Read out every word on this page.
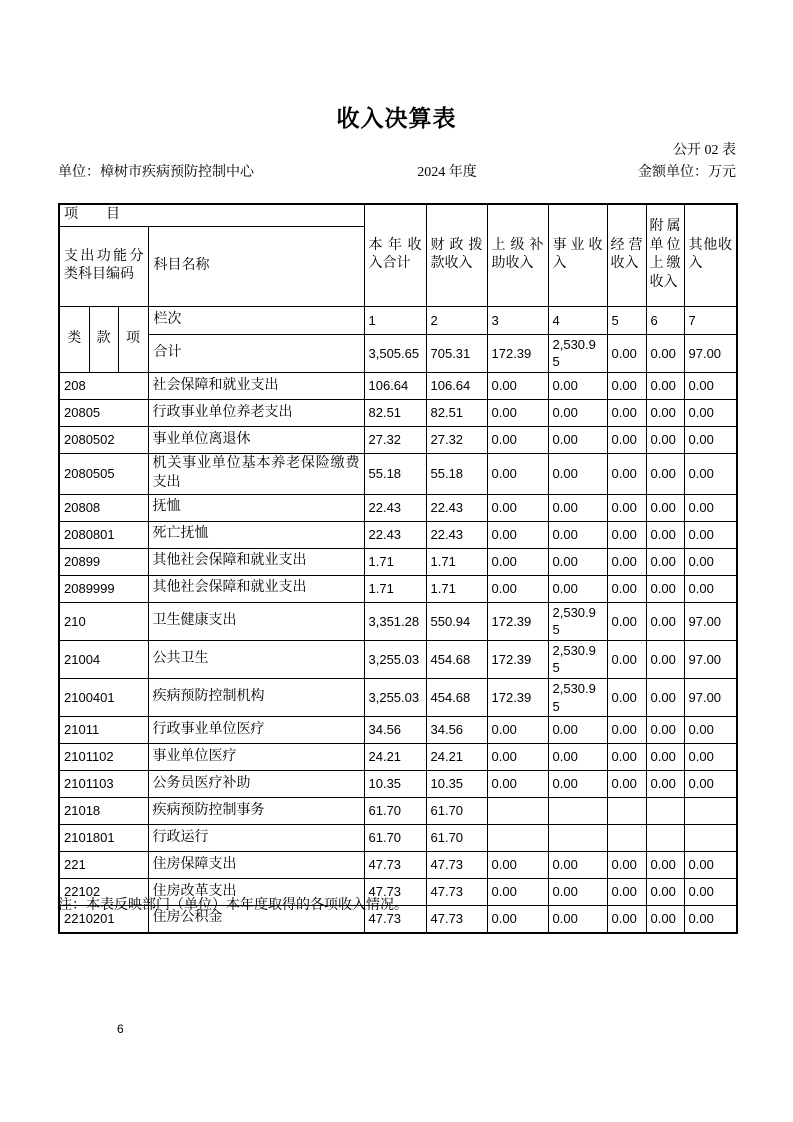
收入决算表
公开 02 表
单位：樟树市疾病预防控制中心	2024 年度	金额单位：万元
项　　目				本年收入合计	财政拨款收入	上级补助收入	事业收入	经营收入	附属单位上缴收入	其他收入
支出功能分类科目编码			科目名称							
类	款	项	栏次	1	2	3	4	5	6	7
			合计	3,505.65	705.31	172.39	2,530.95	0.00	0.00	97.00
208			社会保障和就业支出	106.64	106.64	0.00	0.00	0.00	0.00	0.00
20805			行政事业单位养老支出	82.51	82.51	0.00	0.00	0.00	0.00	0.00
2080502			事业单位离退休	27.32	27.32	0.00	0.00	0.00	0.00	0.00
2080505			机关事业单位基本养老保险缴费支出	55.18	55.18	0.00	0.00	0.00	0.00	0.00
20808			抚恤	22.43	22.43	0.00	0.00	0.00	0.00	0.00
2080801			死亡抚恤	22.43	22.43	0.00	0.00	0.00	0.00	0.00
20899			其他社会保障和就业支出	1.71	1.71	0.00	0.00	0.00	0.00	0.00
2089999			其他社会保障和就业支出	1.71	1.71	0.00	0.00	0.00	0.00	0.00
210			卫生健康支出	3,351.28	550.94	172.39	2,530.95	0.00	0.00	97.00
21004			公共卫生	3,255.03	454.68	172.39	2,530.95	0.00	0.00	97.00
2100401			疾病预防控制机构	3,255.03	454.68	172.39	2,530.95	0.00	0.00	97.00
21011			行政事业单位医疗	34.56	34.56	0.00	0.00	0.00	0.00	0.00
2101102			事业单位医疗	24.21	24.21	0.00	0.00	0.00	0.00	0.00
2101103			公务员医疗补助	10.35	10.35	0.00	0.00	0.00	0.00	0.00
21018			疾病预防控制事务	61.70	61.70					
2101801			行政运行	61.70	61.70					
221			住房保障支出	47.73	47.73	0.00	0.00	0.00	0.00	0.00
22102			住房改革支出	47.73	47.73	0.00	0.00	0.00	0.00	0.00
2210201			住房公积金	47.73	47.73	0.00	0.00	0.00	0.00	0.00
注：本表反映部门（单位）本年度取得的各项收入情况。
6
